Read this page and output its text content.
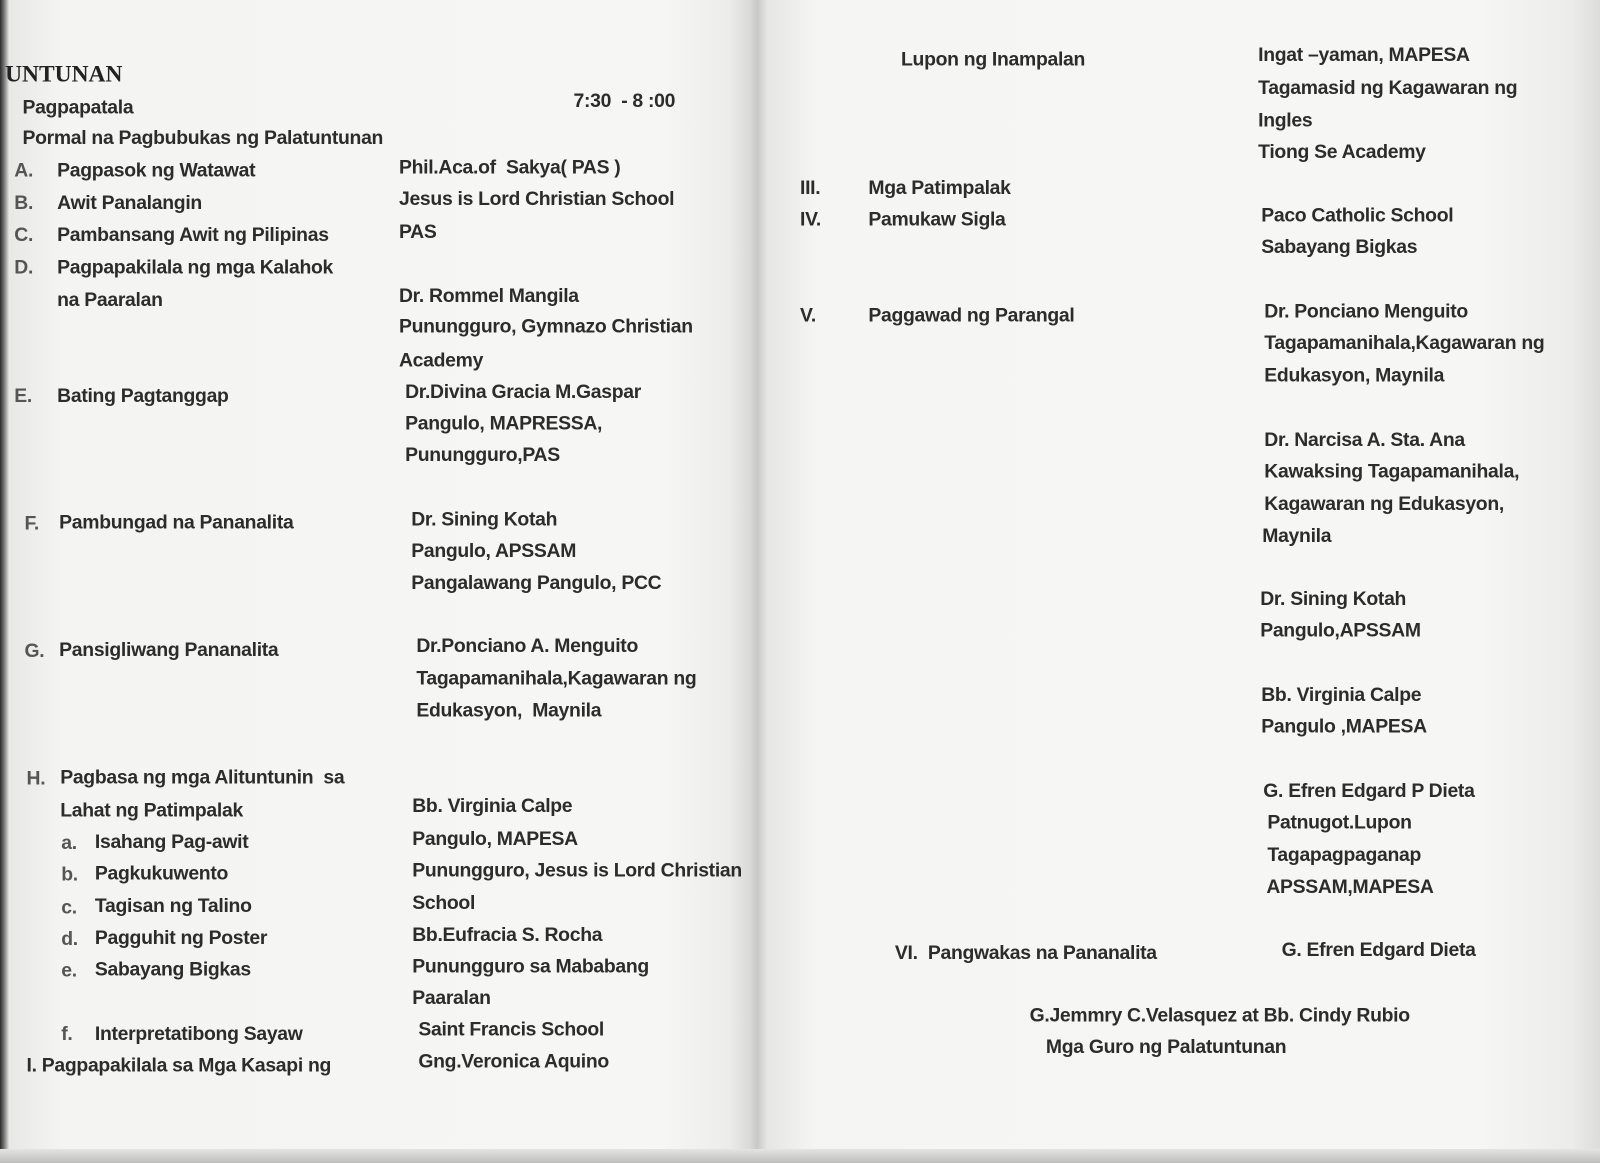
UNTUNAN
Pagpapatala	7:30  - 8 :00
Pormal na Pagbubukas ng Palatuntunan
A. Pagpasok ng Watawat	Phil.Aca.of  Sakya( PAS )
B. Awit Panalangin	Jesus is Lord Christian School
C. Pambansang Awit ng Pilipinas	PAS
D. Pagpapakilala ng mga Kalahok
na Paaralan	Dr. Rommel Mangila
Punungguro, Gymnazo Christian
Academy
E. Bating Pagtanggap	Dr.Divina Gracia M.Gaspar
Pangulo, MAPRESSA,
Punungguro,PAS
F. Pambungad na Pananalita	Dr. Sining Kotah
Pangulo, APSSAM
Pangalawang Pangulo, PCC
G. Pansigliwang Pananalita	Dr.Ponciano A. Menguito
Tagapamanihala,Kagawaran ng
Edukasyon,  Maynila
H. Pagbasa ng mga Alituntunin  sa
Lahat ng Patimpalak	Bb. Virginia Calpe
Pangulo, MAPESA
Punungguro, Jesus is Lord Christian
School
Bb.Eufracia S. Rocha
Punungguro sa Mababang
Paaralan
Saint Francis School
Gng.Veronica Aquino
a. Isahang Pag-awit
b. Pagkukuwento
c. Tagisan ng Talino
d. Pagguhit ng Poster
e. Sabayang Bigkas
f. Interpretatibong Sayaw
I. Pagpapakilala sa Mga Kasapi ng
Lupon ng Inampalan	Ingat –yaman, MAPESA
Tagamasid ng Kagawaran ng
Ingles
Tiong Se Academy
III.	Mga Patimpalak
IV. Pamukaw Sigla	Paco Catholic School
Sabayang Bigkas
V.	Paggawad ng Parangal	Dr. Ponciano Menguito
Tagapamanihala,Kagawaran ng
Edukasyon, Maynila
Dr. Narcisa A. Sta. Ana
Kawaksing Tagapamanihala,
Kagawaran ng Edukasyon,
Maynila
Dr. Sining Kotah
Pangulo,APSSAM
Bb. Virginia Calpe
Pangulo ,MAPESA
G. Efren Edgard P Dieta
Patnugot.Lupon
Tagapagpaganap
APSSAM,MAPESA
VI.  Pangwakas na Pananalita	G. Efren Edgard Dieta
G.Jemmry C.Velasquez at Bb. Cindy Rubio
Mga Guro ng Palatuntunan
